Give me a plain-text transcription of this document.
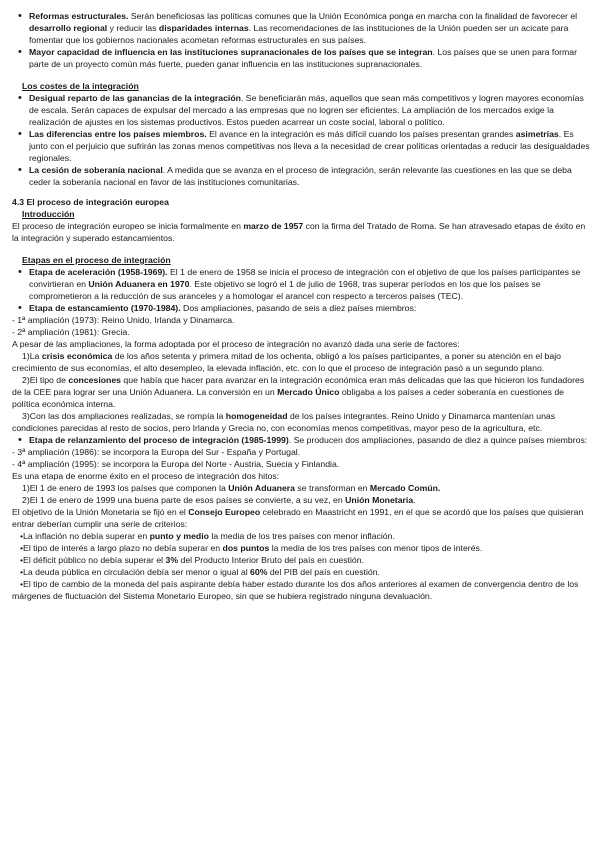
• Reformas estructurales. Serán beneficiosas las políticas comunes que la Unión Económica ponga en marcha con la finalidad de favorecer el desarrollo regional y reducir las disparidades internas. Las recomendaciones de las instituciones de la Unión pueden ser un acicate para fomentar que los gobiernos nacionales acometan reformas estructurales en sus países.
• Mayor capacidad de influencia en las instituciones supranacionales de los países que se integran. Los países que se unen para formar parte de un proyecto común más fuerte, pueden ganar influencia en las instituciones supranacionales.

Los costes de la integración

• Desigual reparto de las ganancias de la integración. Se beneficiarán más, aquellos que sean más competitivos y logren mayores economías de escala. Serán capaces de expulsar del mercado a las empresas que no logren ser eficientes. La ampliación de los mercados exige la realización de ajustes en los sistemas productivos. Estos pueden acarrear un coste social, laboral o político.
• Las diferencias entre los países miembros. El avance en la integración es más difícil cuando los países presentan grandes asimetrías. Es junto con el perjuicio que sufrirán las zonas menos competitivas nos lleva a la necesidad de crear políticas orientadas a reducir las desigualdades regionales.
• La cesión de soberanía nacional. A medida que se avanza en el proceso de integración, serán relevante las cuestiones en las que se deba ceder la soberanía nacional en favor de las instituciones comunitarias.

4.3 El proceso de integración europea

Introducción

El proceso de integración europeo se inicia formalmente en marzo de 1957 con la firma del Tratado de Roma. Se han atravesado etapas de éxito en la integración y superado estancamientos.

Etapas en el proceso de integración

• Etapa de aceleración (1958-1969). El 1 de enero de 1958 se inicia el proceso de integración con el objetivo de que los países participantes se convirtieran en Unión Aduanera en 1970. Este objetivo se logró el 1 de julio de 1968, tras superar períodos en los que los países se comprometieron a la reducción de sus aranceles y a homologar el arancel con respecto a terceros países (TEC).
• Etapa de estancamiento (1970-1984). Dos ampliaciones, pasando de seis a diez países miembros:

- 1ª ampliación (1973): Reino Unido, Irlanda y Dinamarca.

- 2ª ampliación (1981): Grecia.

A pesar de las ampliaciones, la forma adoptada por el proceso de integración no avanzó dada una serie de factores:

1)La crisis económica de los años setenta y primera mitad de los ochenta, obligó a los países participantes, a poner su atención en el bajo crecimiento de sus economías, el alto desempleo, la elevada inflación, etc. con lo que el proceso de integración pasó a un segundo plano.

2)El tipo de concesiones que había que hacer para avanzar en la integración económica eran más delicadas que las que hicieron los fundadores de la CEE para lograr ser una Unión Aduanera. La conversión en un Mercado Único obligaba a los países a ceder soberanía en cuestiones de política económica interna.

3)Con las dos ampliaciones realizadas, se rompía la homogeneidad de los países integrantes. Reino Unido y Dinamarca mantenían unas condiciones parecidas al resto de socios, pero Irlanda y Grecia no, con economías menos competitivas, mayor peso de la agricultura, etc.

• Etapa de relanzamiento del proceso de integración (1985-1999). Se producen dos ampliaciones, pasando de diez a quince países miembros:

- 3ª ampliación (1986): se incorpora la Europa del Sur - España y Portugal.

- 4ª ampliación (1995): se incorpora la Europa del Norte - Austria, Suecia y Finlandia.

Es una etapa de enorme éxito en el proceso de integración dos hitos:

1)El 1 de enero de 1993 los países que componen la Unión Aduanera se transforman en Mercado Común.

2)El 1 de enero de 1999 una buena parte de esos países se convierte, a su vez, en Unión Monetaria.

El objetivo de la Unión Monetaria se fijó en el Consejo Europeo celebrado en Maastricht en 1991, en el que se acordó que los países que quisieran entrar deberían cumplir una serie de criterios:

•La inflación no debía superar en punto y medio la media de los tres países con menor inflación.

•El tipo de interés a largo plazo no debía superar en dos puntos la media de los tres países con menor tipos de interés.

•El déficit público no debía superar el 3% del Producto Interior Bruto del país en cuestión.

•La deuda pública en circulación debía ser menor o igual al 60% del PIB del país en cuestión.

•El tipo de cambio de la moneda del país aspirante debía haber estado durante los dos años anteriores al examen de convergencia dentro de los márgenes de fluctuación del Sistema Monetario Europeo, sin que se hubiera registrado ninguna devaluación.
